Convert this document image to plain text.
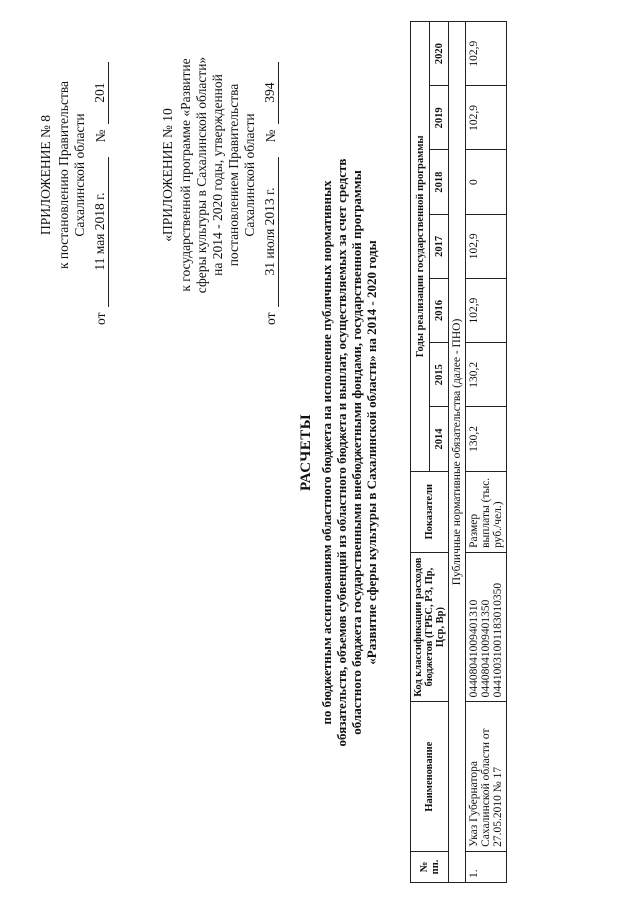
ПРИЛОЖЕНИЕ № 8 к постановлению Правительства Сахалинской области
от
11 мая 2018 г.
№
201
«ПРИЛОЖЕНИЕ № 10 к государственной программе «Развитие сферы культуры в Сахалинской области» на 2014 - 2020 годы, утвержденной постановлением Правительства Сахалинской области
от
31 июля 2013 г.
№
394
РАСЧЕТЫ по бюджетным ассигнованиям областного бюджета на исполнение публичных нормативных обязательств, объемов субвенций из областного бюджета и выплат, осуществляемых за счет средств областного бюджета государственными внебюджетными фондами, государственной программы «Развитие сферы культуры в Сахалинской области» на 2014 - 2020 годы
№ пп.	Наименование	Код классификации расходов бюджетов (ГРБС, РЗ, Пр, Цср, Вр)	Показатели	Годы реализации государственной программы						
				2014	2015	2016	2017	2018	2019	2020
Публичные нормативные обязательства (далее - ПНО)										
1.	Указ Губернатора Сахалинской области от 27.05.2010 № 17	04408041009401310 04408041009401350 04410031001183010350	Размер выплаты (тыс. руб./чел.)	130,2	130,2	102,9	102,9	0	102,9	102,9
